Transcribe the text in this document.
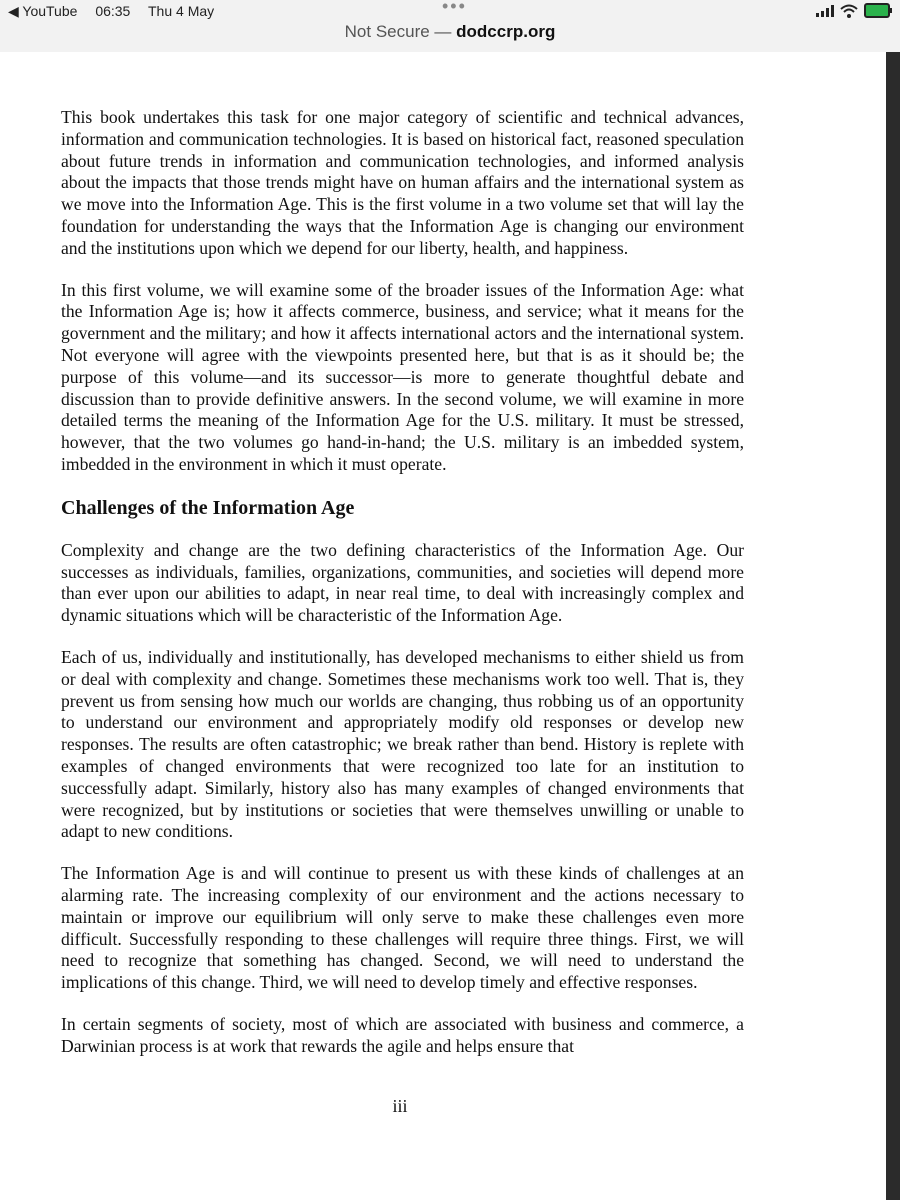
◀ YouTube 06:35 Thu 4 May	•••
Not Secure — dodccrp.org

This book undertakes this task for one major category of scientific and technical advances, information and communication technologies. It is based on historical fact, reasoned speculation about future trends in information and communication technologies, and informed analysis about the impacts that those trends might have on human affairs and the international system as we move into the Information Age. This is the first volume in a two volume set that will lay the foundation for understanding the ways that the Information Age is changing our environment and the institutions upon which we depend for our liberty, health, and happiness.

In this first volume, we will examine some of the broader issues of the Information Age: what the Information Age is; how it affects commerce, business, and service; what it means for the government and the military; and how it affects international actors and the international system. Not everyone will agree with the viewpoints presented here, but that is as it should be; the purpose of this volume—and its successor—is more to generate thoughtful debate and discussion than to provide definitive answers. In the second volume, we will examine in more detailed terms the meaning of the Information Age for the U.S. military. It must be stressed, however, that the two volumes go hand-in-hand; the U.S. military is an imbedded system, imbedded in the environment in which it must operate.

Challenges of the Information Age

Complexity and change are the two defining characteristics of the Information Age. Our successes as individuals, families, organizations, communities, and societies will depend more than ever upon our abilities to adapt, in near real time, to deal with increasingly complex and dynamic situations which will be characteristic of the Information Age.

Each of us, individually and institutionally, has developed mechanisms to either shield us from or deal with complexity and change. Sometimes these mechanisms work too well. That is, they prevent us from sensing how much our worlds are changing, thus robbing us of an opportunity to understand our environment and appropriately modify old responses or develop new responses. The results are often catastrophic; we break rather than bend. History is replete with examples of changed environments that were recognized too late for an institution to successfully adapt. Similarly, history also has many examples of changed environments that were recognized, but by institutions or societies that were themselves unwilling or unable to adapt to new conditions.

The Information Age is and will continue to present us with these kinds of challenges at an alarming rate. The increasing complexity of our environment and the actions necessary to maintain or improve our equilibrium will only serve to make these challenges even more difficult. Successfully responding to these challenges will require three things. First, we will need to recognize that something has changed. Second, we will need to understand the implications of this change. Third, we will need to develop timely and effective responses.

In certain segments of society, most of which are associated with business and commerce, a Darwinian process is at work that rewards the agile and helps ensure that

iii
